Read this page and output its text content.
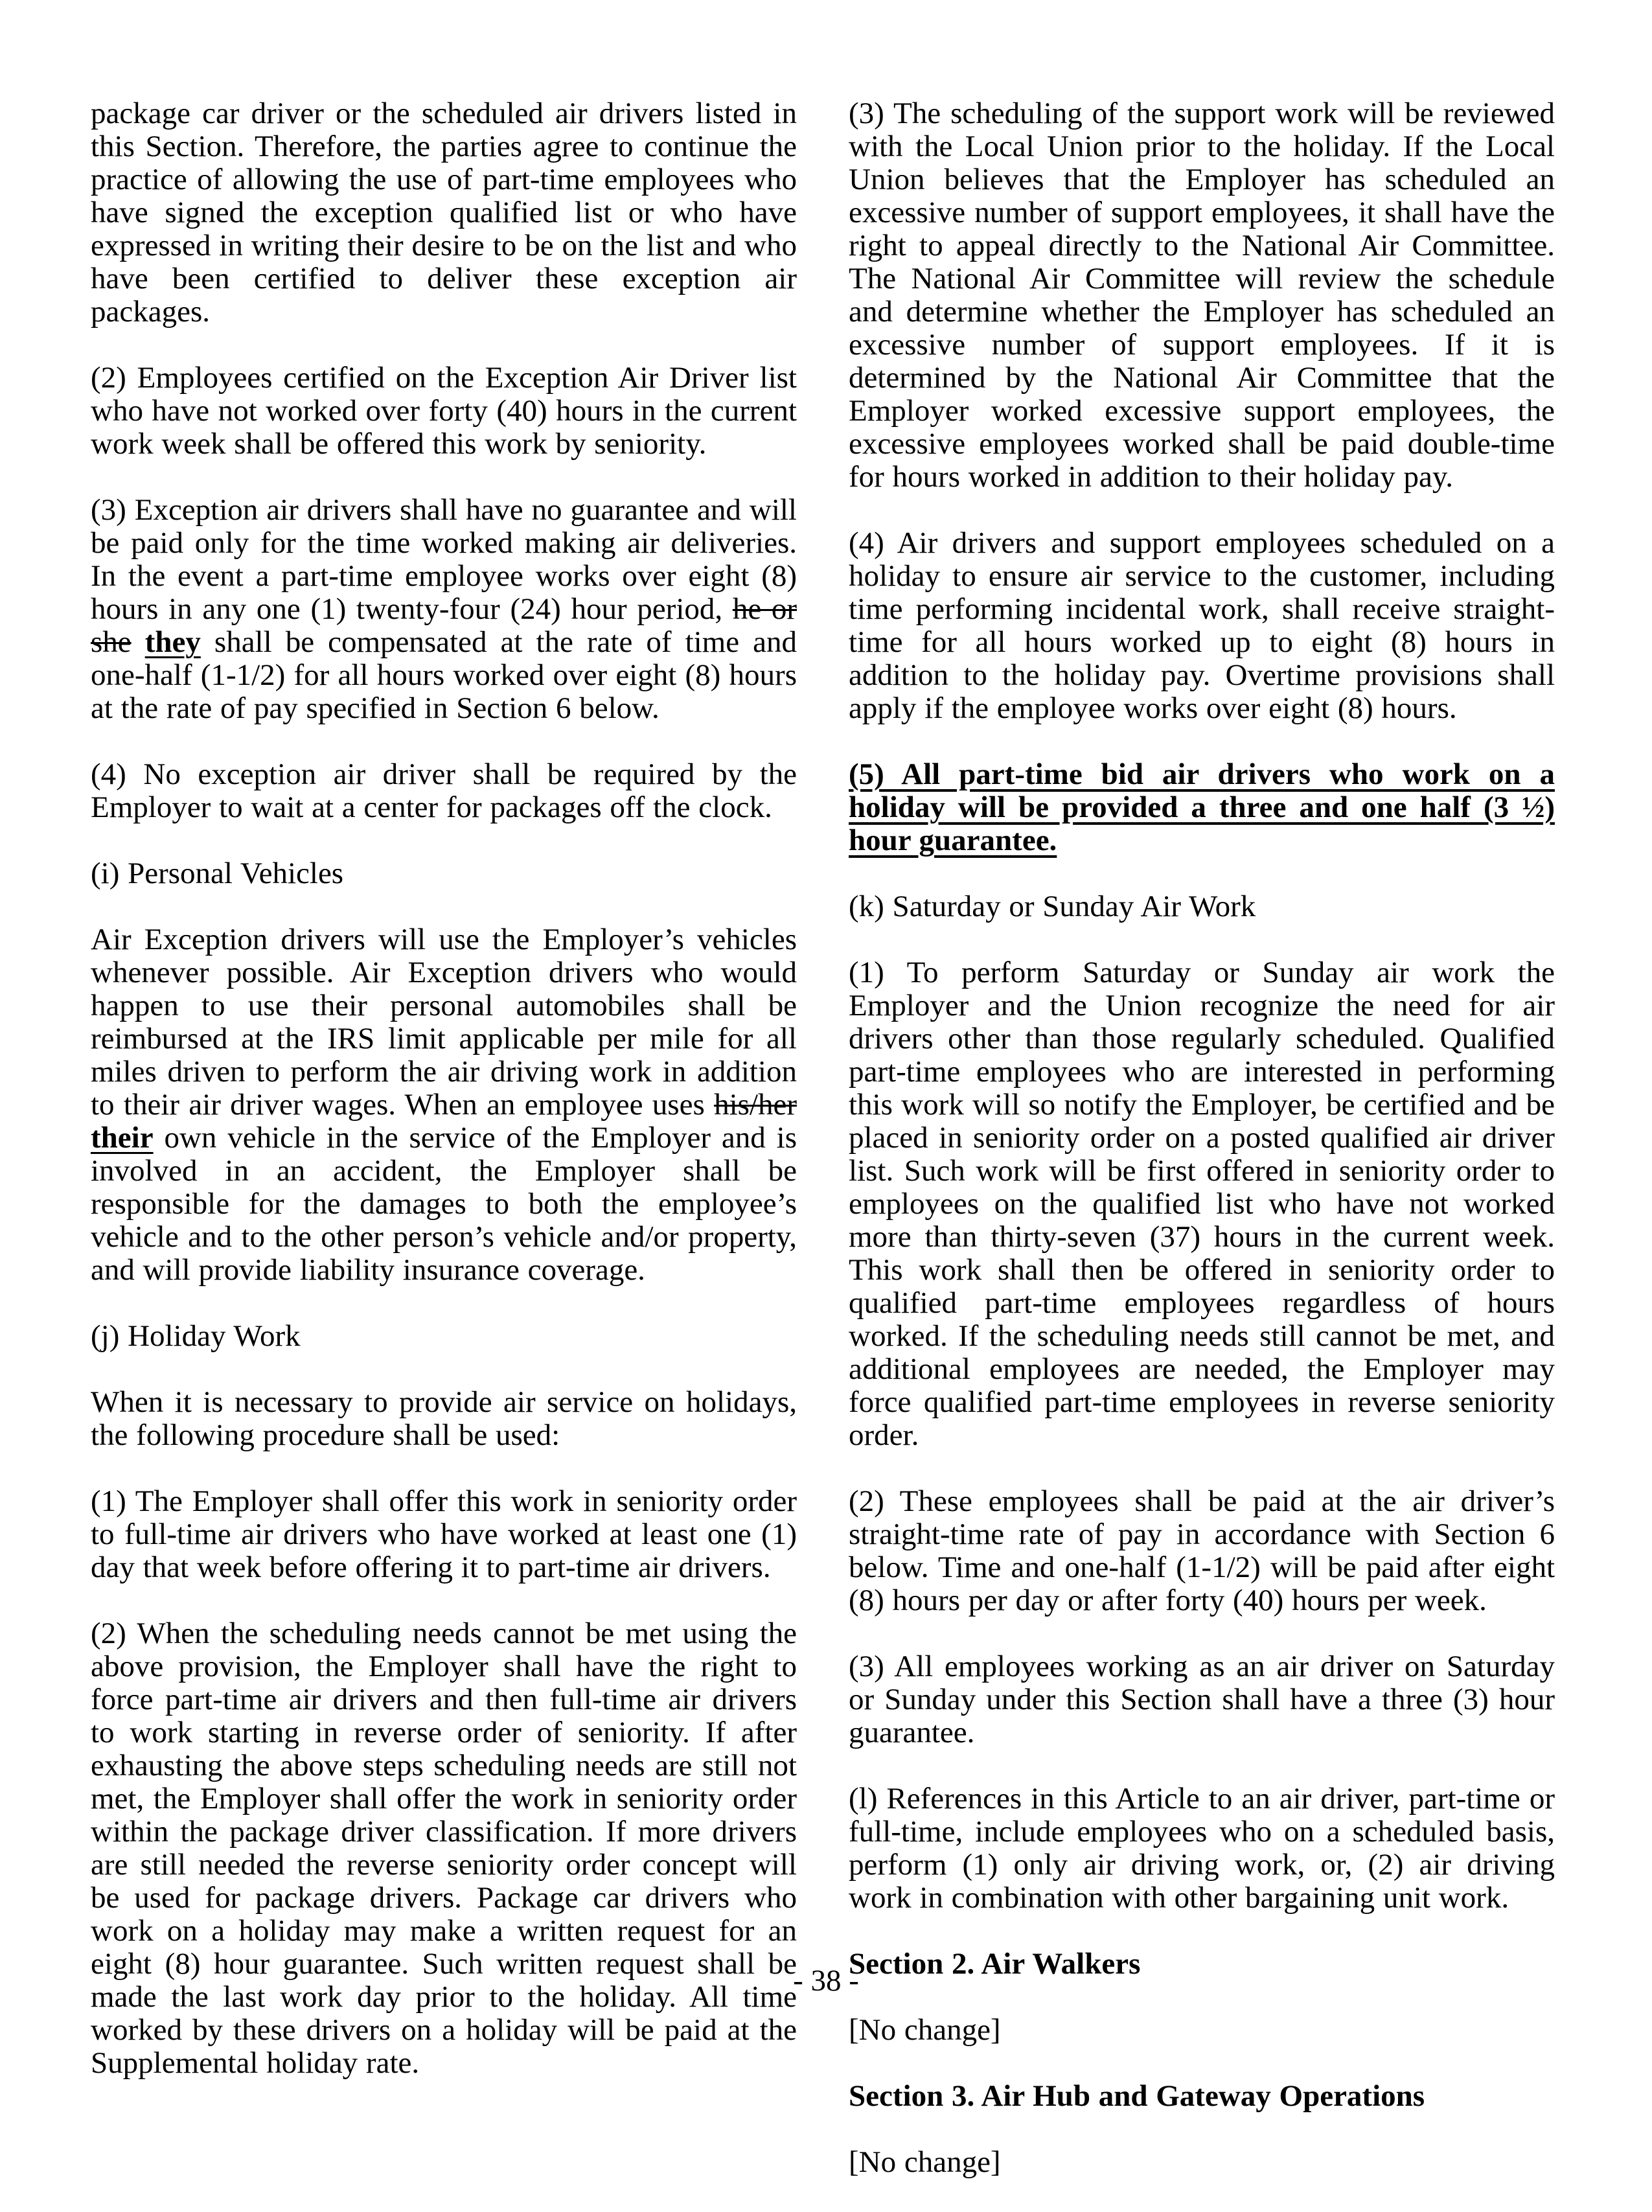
package car driver or the scheduled air drivers listed in this Section. Therefore, the parties agree to continue the practice of allowing the use of part-time employees who have signed the exception qualified list or who have expressed in writing their desire to be on the list and who have been certified to deliver these exception air packages.

(2) Employees certified on the Exception Air Driver list who have not worked over forty (40) hours in the current work week shall be offered this work by seniority.

(3) Exception air drivers shall have no guarantee and will be paid only for the time worked making air deliveries. In the event a part-time employee works over eight (8) hours in any one (1) twenty-four (24) hour period, he or she they shall be compensated at the rate of time and one-half (1-1/2) for all hours worked over eight (8) hours at the rate of pay specified in Section 6 below.

(4) No exception air driver shall be required by the Employer to wait at a center for packages off the clock.

(i) Personal Vehicles

Air Exception drivers will use the Employer’s vehicles whenever possible. Air Exception drivers who would happen to use their personal automobiles shall be reimbursed at the IRS limit applicable per mile for all miles driven to perform the air driving work in addition to their air driver wages. When an employee uses his/her their own vehicle in the service of the Employer and is involved in an accident, the Employer shall be responsible for the damages to both the employee’s vehicle and to the other person’s vehicle and/or property, and will provide liability insurance coverage.

(j) Holiday Work

When it is necessary to provide air service on holidays, the following procedure shall be used:

(1) The Employer shall offer this work in seniority order to full-time air drivers who have worked at least one (1) day that week before offering it to part-time air drivers.

(2) When the scheduling needs cannot be met using the above provision, the Employer shall have the right to force part-time air drivers and then full-time air drivers to work starting in reverse order of seniority. If after exhausting the above steps scheduling needs are still not met, the Employer shall offer the work in seniority order within the package driver classification. If more drivers are still needed the reverse seniority order concept will be used for package drivers. Package car drivers who work on a holiday may make a written request for an eight (8) hour guarantee. Such written request shall be made the last work day prior to the holiday. All time worked by these drivers on a holiday will be paid at the Supplemental holiday rate.

(3) The scheduling of the support work will be reviewed with the Local Union prior to the holiday. If the Local Union believes that the Employer has scheduled an excessive number of support employees, it shall have the right to appeal directly to the National Air Committee. The National Air Committee will review the schedule and determine whether the Employer has scheduled an excessive number of support employees. If it is determined by the National Air Committee that the Employer worked excessive support employees, the excessive employees worked shall be paid double-time for hours worked in addition to their holiday pay.

(4) Air drivers and support employees scheduled on a holiday to ensure air service to the customer, including time performing incidental work, shall receive straight-time for all hours worked up to eight (8) hours in addition to the holiday pay. Overtime provisions shall apply if the employee works over eight (8) hours.

(5) All part-time bid air drivers who work on a holiday will be provided a three and one half (3 ½) hour guarantee.

(k) Saturday or Sunday Air Work

(1) To perform Saturday or Sunday air work the Employer and the Union recognize the need for air drivers other than those regularly scheduled. Qualified part-time employees who are interested in performing this work will so notify the Employer, be certified and be placed in seniority order on a posted qualified air driver list. Such work will be first offered in seniority order to employees on the qualified list who have not worked more than thirty-seven (37) hours in the current week. This work shall then be offered in seniority order to qualified part-time employees regardless of hours worked. If the scheduling needs still cannot be met, and additional employees are needed, the Employer may force qualified part-time employees in reverse seniority order.

(2) These employees shall be paid at the air driver’s straight-time rate of pay in accordance with Section 6 below. Time and one-half (1-1/2) will be paid after eight (8) hours per day or after forty (40) hours per week.

(3) All employees working as an air driver on Saturday or Sunday under this Section shall have a three (3) hour guarantee.

(l) References in this Article to an air driver, part-time or full-time, include employees who on a scheduled basis, perform (1) only air driving work, or, (2) air driving work in combination with other bargaining unit work.

Section 2. Air Walkers

[No change]

Section 3. Air Hub and Gateway Operations

[No change]

- 38 -
